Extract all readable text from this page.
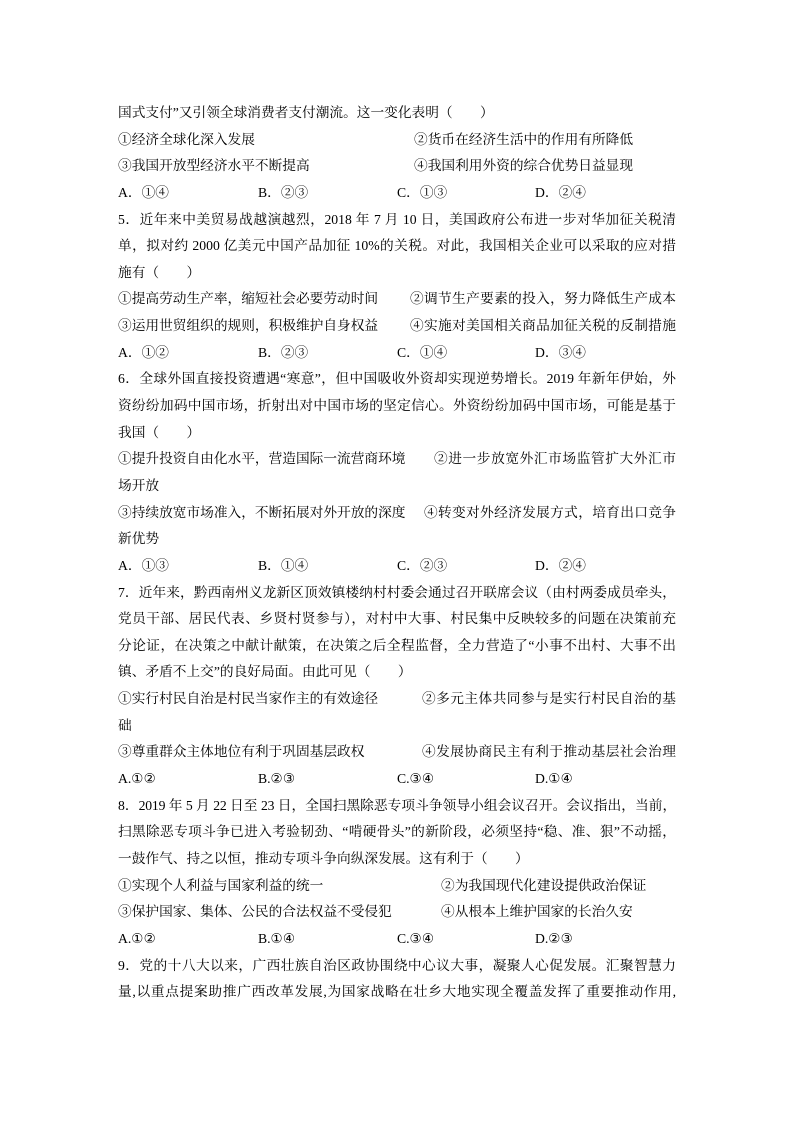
国式支付”又引领全球消费者支付潮流。这一变化表明（　　）
①经济全球化深入发展	②货币在经济生活中的作用有所降低
③我国开放型经济水平不断提高	④我国利用外资的综合优势日益显现
A．①④	B．②③	C．①③	D．②④
5．近年来中美贸易战越演越烈，2018 年 7 月 10 日，美国政府公布进一步对华加征关税清
单，拟对约 2000 亿美元中国产品加征 10%的关税。对此，我国相关企业可以采取的应对措
施有（　　）
①提高劳动生产率，缩短社会必要劳动时间 ②调节生产要素的投入，努力降低生产成本
③运用世贸组织的规则，积极维护自身权益 ④实施对美国相关商品加征关税的反制措施
A．①②	B．②③	C．①④	D．③④
6．全球外国直接投资遭遇“寒意”，但中国吸收外资却实现逆势增长。2019 年新年伊始，外
资纷纷加码中国市场，折射出对中国市场的坚定信心。外资纷纷加码中国市场，可能是基于
我国（　　）
①提升投资自由化水平，营造国际一流营商环境 ②进一步放宽外汇市场监管扩大外汇市
场开放
③持续放宽市场准入，不断拓展对外开放的深度 ④转变对外经济发展方式，培育出口竞争
新优势
A．①③	B．①④	C．②③	D．②④
7．近年来，黔西南州义龙新区顶效镇楼纳村村委会通过召开联席会议（由村两委成员牵头，
党员干部、居民代表、乡贤村贤参与），对村中大事、村民集中反映较多的问题在决策前充
分论证，在决策之中献计献策，在决策之后全程监督，全力营造了“小事不出村、大事不出
镇、矛盾不上交”的良好局面。由此可见（　　）
①实行村民自治是村民当家作主的有效途径	②多元主体共同参与是实行村民自治的基
础
③尊重群众主体地位有利于巩固基层政权	④发展协商民主有利于推动基层社会治理
A.①②	B.②③	C.③④	D.①④
8．2019 年 5 月 22 日至 23 日，全国扫黑除恶专项斗争领导小组会议召开。会议指出，当前，
扫黑除恶专项斗争已进入考验韧劲、“啃硬骨头”的新阶段，必须坚持“稳、准、狠”不动摇，
一鼓作气、持之以恒，推动专项斗争向纵深发展。这有利于（　　）
①实现个人利益与国家利益的统一	②为我国现代化建设提供政治保证
③保护国家、集体、公民的合法权益不受侵犯	④从根本上维护国家的长治久安
A.①②	B.①④	C.③④	D.②③
9．党的十八大以来，广西壮族自治区政协围绕中心议大事，凝聚人心促发展。汇聚智慧力
量,以重点提案助推广西改革发展,为国家战略在壮乡大地实现全覆盖发挥了重要推动作用,
